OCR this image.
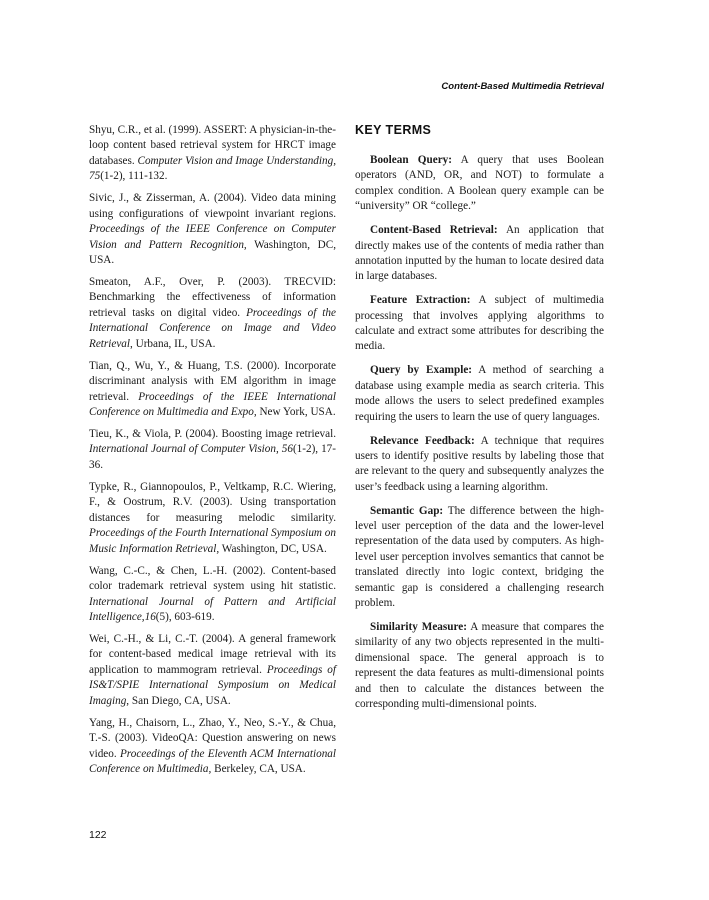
Content-Based Multimedia Retrieval

Shyu, C.R., et al. (1999). ASSERT: A physician-in-the-loop content based retrieval system for HRCT image databases. Computer Vision and Image Understanding, 75(1-2), 111-132.

Sivic, J., & Zisserman, A. (2004). Video data mining using configurations of viewpoint invariant regions. Proceedings of the IEEE Conference on Computer Vision and Pattern Recognition, Washington, DC, USA.

Smeaton, A.F., Over, P. (2003). TRECVID: Benchmarking the effectiveness of information retrieval tasks on digital video. Proceedings of the International Conference on Image and Video Retrieval, Urbana, IL, USA.

Tian, Q., Wu, Y., & Huang, T.S. (2000). Incorporate discriminant analysis with EM algorithm in image retrieval. Proceedings of the IEEE International Conference on Multimedia and Expo, New York, USA.

Tieu, K., & Viola, P. (2004). Boosting image retrieval. International Journal of Computer Vision, 56(1-2), 17-36.

Typke, R., Giannopoulos, P., Veltkamp, R.C. Wiering, F., & Oostrum, R.V. (2003). Using transportation distances for measuring melodic similarity. Proceedings of the Fourth International Symposium on Music Information Retrieval, Washington, DC, USA.

Wang, C.-C., & Chen, L.-H. (2002). Content-based color trademark retrieval system using hit statistic. International Journal of Pattern and Artificial Intelligence,16(5), 603-619.

Wei, C.-H., & Li, C.-T. (2004). A general framework for content-based medical image retrieval with its application to mammogram retrieval. Proceedings of IS&T/SPIE International Symposium on Medical Imaging, San Diego, CA, USA.

Yang, H., Chaisorn, L., Zhao, Y., Neo, S.-Y., & Chua, T.-S. (2003). VideoQA: Question answering on news video. Proceedings of the Eleventh ACM International Conference on Multimedia, Berkeley, CA, USA.

KEY TERMS

Boolean Query: A query that uses Boolean operators (AND, OR, and NOT) to formulate a complex condition. A Boolean query example can be “university” OR “college.”

Content-Based Retrieval: An application that directly makes use of the contents of media rather than annotation inputted by the human to locate desired data in large databases.

Feature Extraction: A subject of multimedia processing that involves applying algorithms to calculate and extract some attributes for describing the media.

Query by Example: A method of searching a database using example media as search criteria. This mode allows the users to select predefined examples requiring the users to learn the use of query languages.

Relevance Feedback: A technique that requires users to identify positive results by labeling those that are relevant to the query and subsequently analyzes the user’s feedback using a learning algorithm.

Semantic Gap: The difference between the high-level user perception of the data and the lower-level representation of the data used by computers. As high-level user perception involves semantics that cannot be translated directly into logic context, bridging the semantic gap is considered a challenging research problem.

Similarity Measure: A measure that compares the similarity of any two objects represented in the multi-dimensional space. The general approach is to represent the data features as multi-dimensional points and then to calculate the distances between the corresponding multi-dimensional points.

122
